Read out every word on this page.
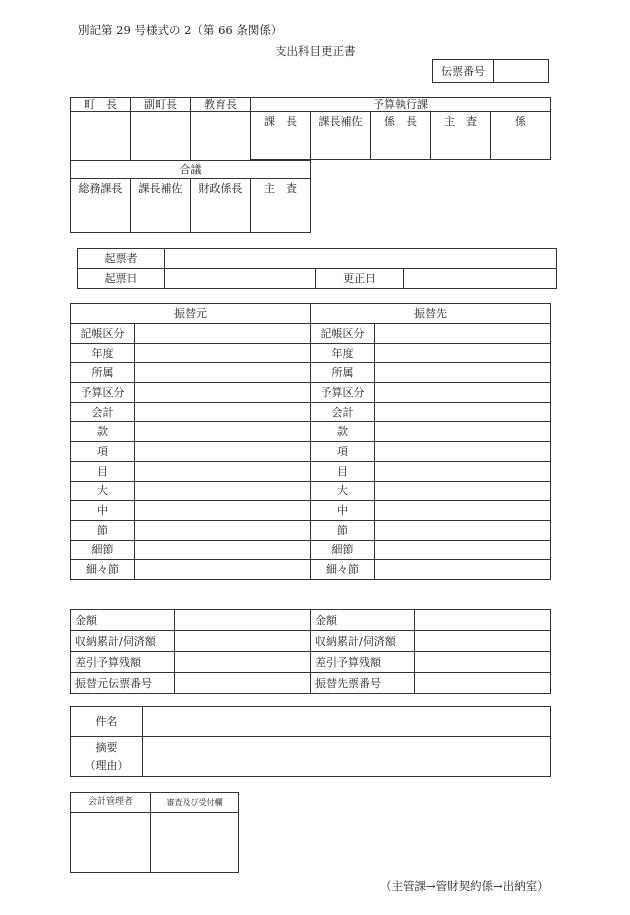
別記第 29 号様式の 2（第 66 条関係）
支出科目更正書
伝票番号	
町　長	副町長	教育長	予算執行課				
			課　長	課長補佐	係　長	主　査	係

合議							
総務課長	課長補佐	財政係長	主　査				
起票者			
起票日		更正日	
振替元		振替先	
記帳区分		記帳区分	
年度		年度	
所属		所属	
予算区分		予算区分	
会計		会計	
款		款	
項		項	
目		目	
大		大	
中		中	
節		節	
細節		細節	
細々節		細々節	
金額		金額	
収納累計/伺済額		収納累計/伺済額	
差引予算残額		差引予算残額	
振替元伝票番号		振替先票番号	
件名	

摘要
（理由）	

会計管理者	審査及び受付欄

（主管課→管財契約係→出納室）
